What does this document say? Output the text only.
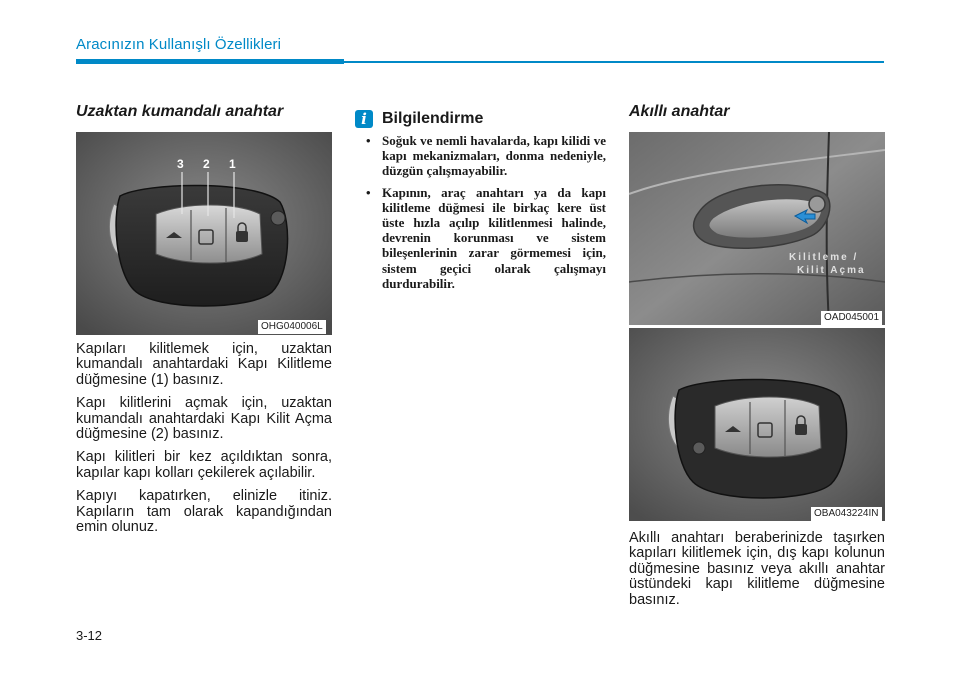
Aracınızın Kullanışlı Özellikleri
Uzaktan kumandalı anahtar
3 2 1
OHG040006L

Kapıları kilitlemek için, uzaktan kumandalı anahtardaki Kapı Kilitleme düğmesine (1) basınız.

Kapı kilitlerini açmak için, uzaktan kumandalı anahtardaki Kapı Kilit Açma düğmesine (2) basınız.

Kapı kilitleri bir kez açıldıktan sonra, kapılar kapı kolları çekilerek açılabilir.

Kapıyı kapatırken, elinizle itiniz. Kapıların tam olarak kapandığından emin olunuz.

i Bilgilendirme
• Soğuk ve nemli havalarda, kapı kilidi ve kapı mekanizmaları, donma nedeniyle, düzgün çalışmayabilir.
• Kapının, araç anahtarı ya da kapı kilitleme düğmesi ile birkaç kere üst üste hızla açılıp kilitlenmesi halinde, devrenin korunması ve sistem bileşenlerinin zarar görmemesi için, sistem geçici olarak çalışmayı durdurabilir.
Akıllı anahtar
Kilitleme /
Kilit Açma
OAD045001
OBA043224IN
Akıllı anahtarı beraberinizde taşırken kapıları kilitlemek için, dış kapı kolunun düğmesine basınız veya akıllı anahtar üstündeki kapı kilitleme düğmesine basınız.
3-12
